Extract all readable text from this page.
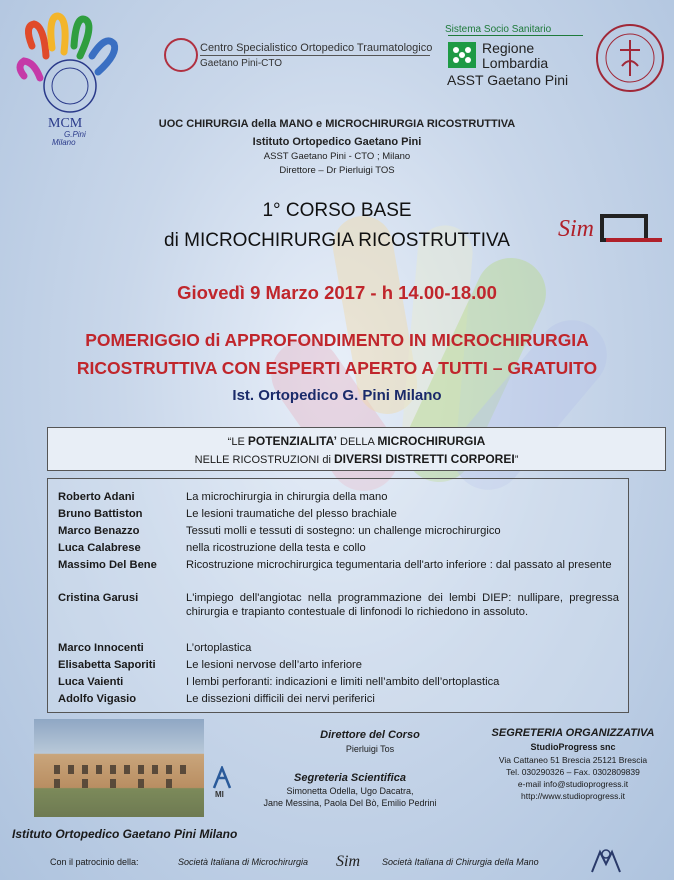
MCM
G.Pini
Milano
Centro Specialistico Ortopedico Traumatologico
Gaetano Pini-CTO
Sistema Socio Sanitario
Regione
Lombardia
ASST Gaetano Pini
UOC CHIRURGIA della MANO e MICROCHIRURGIA RICOSTRUTTIVA
Istituto Ortopedico Gaetano Pini
ASST Gaetano Pini - CTO ; Milano
Direttore – Dr Pierluigi TOS
1° CORSO BASE
di MICROCHIRURGIA RICOSTRUTTIVA	Sim
Giovedì 9 Marzo 2017 - h 14.00-18.00
POMERIGGIO di APPROFONDIMENTO IN MICROCHIRURGIA
RICOSTRUTTIVA CON ESPERTI APERTO A TUTTI – GRATUITO
Ist. Ortopedico G. Pini Milano
“LE POTENZIALITA’ DELLA MICROCHIRURGIA
NELLE RICOSTRUZIONI di DIVERSI DISTRETTI CORPOREI”
Roberto Adani	La microchirurgia in chirurgia della mano
Bruno Battiston	Le lesioni traumatiche del plesso brachiale
Marco Benazzo	Tessuti molli e tessuti di sostegno: un challenge microchirurgico
Luca Calabrese	nella ricostruzione della testa e collo
Massimo Del Bene	Ricostruzione microchirurgica tegumentaria dell'arto inferiore : dal passato al presente
Cristina Garusi	L'impiego dell'angiotac nella programmazione dei lembi DIEP: nullipare, pregressa chirurgia e trapianto contestuale di linfonodi lo richiedono in assoluto.
Marco Innocenti	L’ortoplastica
Elisabetta Saporiti	Le lesioni nervose dell’arto inferiore
Luca Vaienti	I lembi perforanti: indicazioni e limiti nell’ambito dell’ortoplastica
Adolfo Vigasio	Le dissezioni difficili dei nervi periferici
MI
Direttore del Corso
Pierluigi Tos
Segreteria Scientifica
Simonetta Odella, Ugo Dacatra,
Jane Messina, Paola Del Bò, Emilio Pedrini
SEGRETERIA ORGANIZZATIVA
StudioProgress snc
Via Cattaneo 51 Brescia 25121 Brescia
Tel. 030290326 – Fax. 0302809839
e-mail info@studioprogress.it
http://www.studioprogress.it
Istituto Ortopedico Gaetano Pini Milano
Con il patrocinio della:	Società Italiana di Microchirurgia Sim Società Italiana di Chirurgia della Mano
